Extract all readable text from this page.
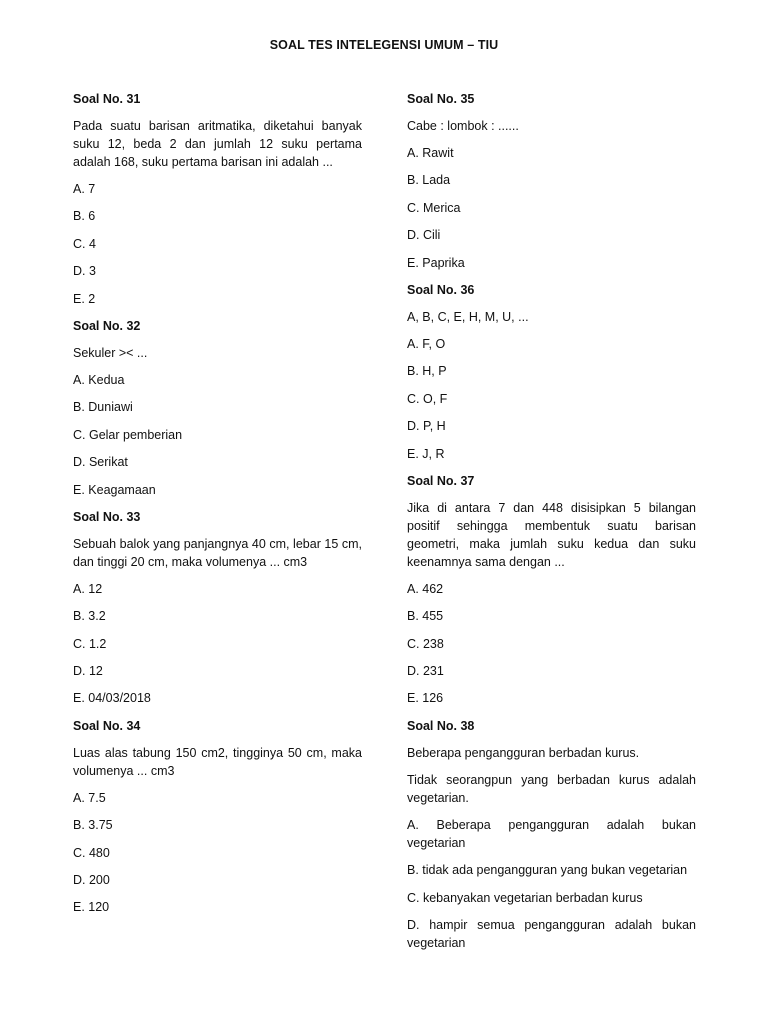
SOAL TES INTELEGENSI UMUM – TIU
Soal No. 31
Pada suatu barisan aritmatika, diketahui banyak suku 12, beda 2 dan jumlah 12 suku pertama adalah 168, suku pertama barisan ini adalah ...
A. 7
B. 6
C. 4
D. 3
E. 2
Soal No. 32
Sekuler >< ...
A. Kedua
B. Duniawi
C. Gelar pemberian
D. Serikat
E. Keagamaan
Soal No. 33
Sebuah balok yang panjangnya 40 cm, lebar 15 cm, dan tinggi 20 cm, maka volumenya ... cm3
A. 12
B. 3.2
C. 1.2
D. 12
E. 04/03/2018
Soal No. 34
Luas alas tabung 150 cm2, tingginya 50 cm, maka volumenya ... cm3
A. 7.5
B. 3.75
C. 480
D. 200
E. 120
Soal No. 35
Cabe : lombok : ......
A. Rawit
B. Lada
C. Merica
D. Cili
E. Paprika
Soal No. 36
A, B, C, E, H, M, U, ...
A. F, O
B. H, P
C. O, F
D. P, H
E. J, R
Soal No. 37
Jika di antara 7 dan 448 disisipkan 5 bilangan positif sehingga membentuk suatu barisan geometri, maka jumlah suku kedua dan suku keenamnya sama dengan ...
A. 462
B. 455
C. 238
D. 231
E. 126
Soal No. 38
Beberapa pengangguran berbadan kurus.
Tidak seorangpun yang berbadan kurus adalah vegetarian.
A. Beberapa pengangguran adalah bukan vegetarian
B. tidak ada pengangguran yang bukan vegetarian
C. kebanyakan vegetarian berbadan kurus
D. hampir semua pengangguran adalah bukan vegetarian
